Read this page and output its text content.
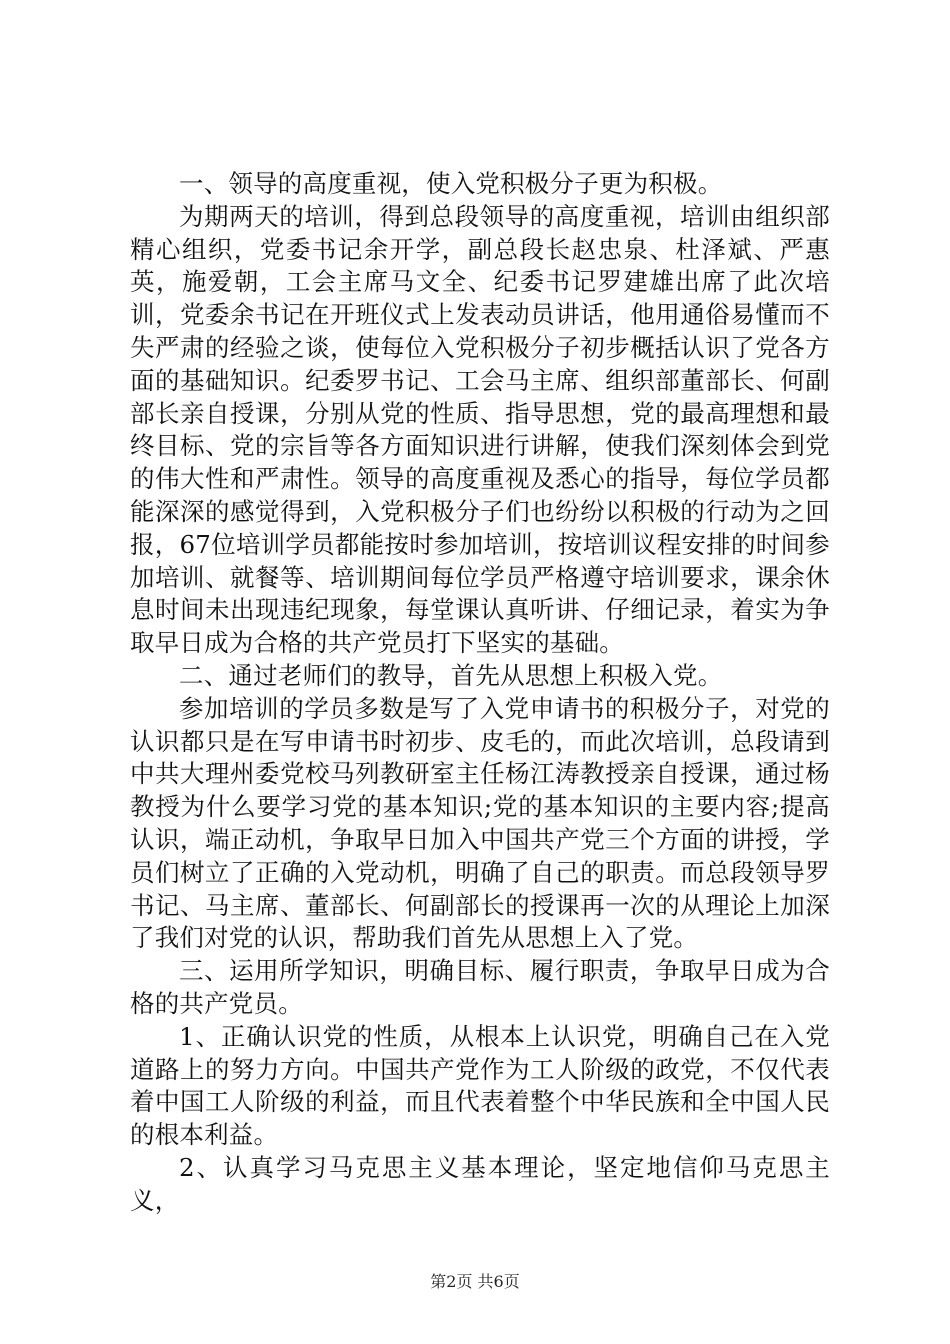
一、领导的高度重视，使入党积极分子更为积极。

为期两天的培训，得到总段领导的高度重视，培训由组织部精心组织，党委书记余开学，副总段长赵忠泉、杜泽斌、严惠英，施爱朝，工会主席马文全、纪委书记罗建雄出席了此次培训，党委余书记在开班仪式上发表动员讲话，他用通俗易懂而不失严肃的经验之谈，使每位入党积极分子初步概括认识了党各方面的基础知识。纪委罗书记、工会马主席、组织部董部长、何副部长亲自授课，分别从党的性质、指导思想，党的最高理想和最终目标、党的宗旨等各方面知识进行讲解，使我们深刻体会到党的伟大性和严肃性。领导的高度重视及悉心的指导，每位学员都能深深的感觉得到，入党积极分子们也纷纷以积极的行动为之回报，67位培训学员都能按时参加培训，按培训议程安排的时间参加培训、就餐等、培训期间每位学员严格遵守培训要求，课余休息时间未出现违纪现象，每堂课认真听讲、仔细记录，着实为争取早日成为合格的共产党员打下坚实的基础。

二、通过老师们的教导，首先从思想上积极入党。

参加培训的学员多数是写了入党申请书的积极分子，对党的认识都只是在写申请书时初步、皮毛的，而此次培训，总段请到中共大理州委党校马列教研室主任杨江涛教授亲自授课，通过杨教授为什么要学习党的基本知识;党的基本知识的主要内容;提高认识，端正动机，争取早日加入中国共产党三个方面的讲授，学员们树立了正确的入党动机，明确了自己的职责。而总段领导罗书记、马主席、董部长、何副部长的授课再一次的从理论上加深了我们对党的认识，帮助我们首先从思想上入了党。

三、运用所学知识，明确目标、履行职责，争取早日成为合格的共产党员。

1、正确认识党的性质，从根本上认识党，明确自己在入党道路上的努力方向。中国共产党作为工人阶级的政党，不仅代表着中国工人阶级的利益，而且代表着整个中华民族和全中国人民的根本利益。

2、认真学习马克思主义基本理论，坚定地信仰马克思主义，

第2页 共6页
